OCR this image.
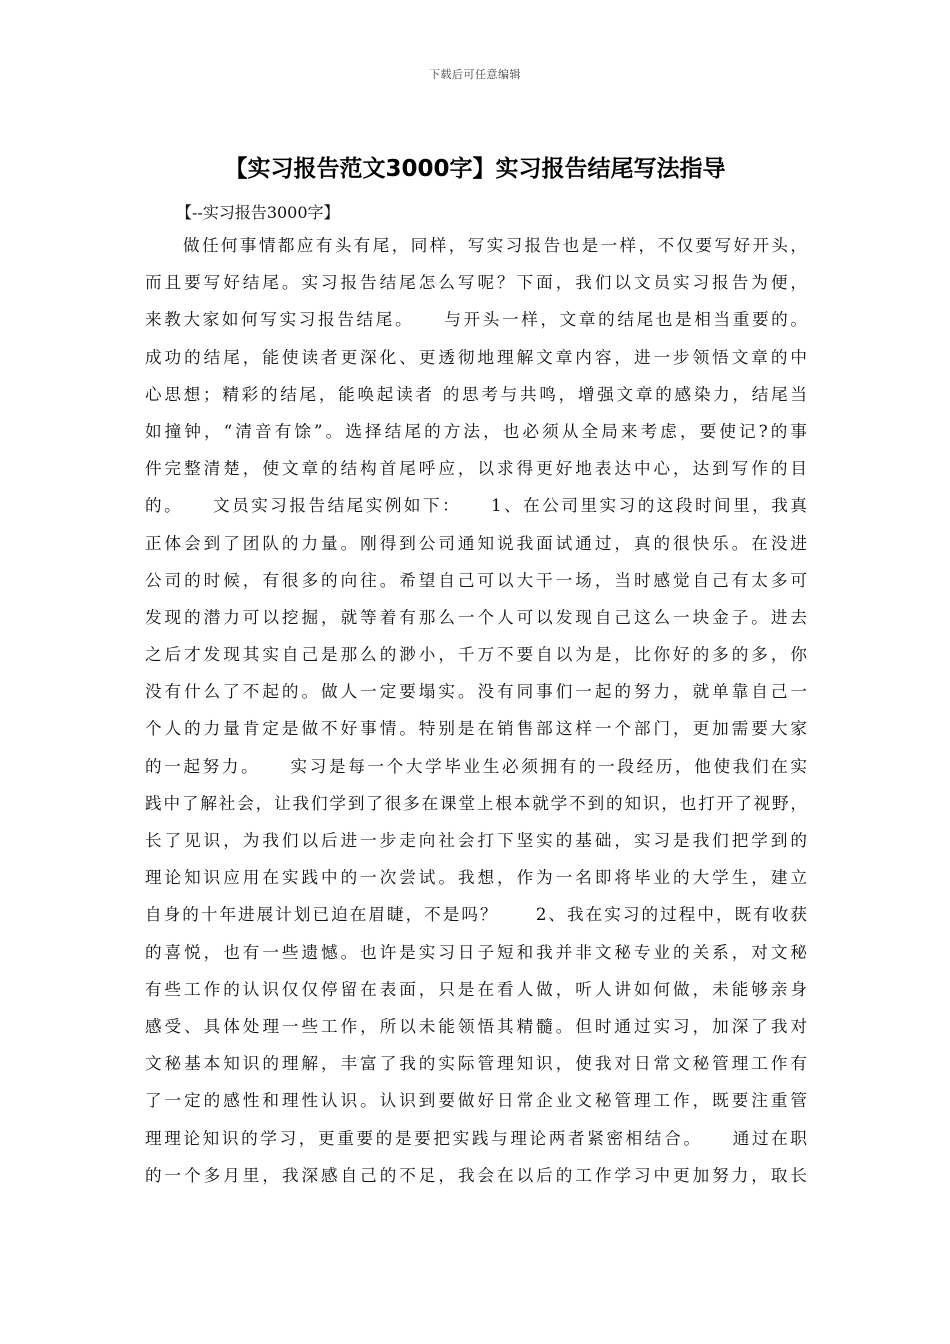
下载后可任意编辑
【实习报告范文3000字】实习报告结尾写法指导
【--实习报告3000字】
　　做任何事情都应有头有尾，同样，写实习报告也是一样，不仅要写好开头，
而且要写好结尾。实习报告结尾怎么写呢？下面，我们以文员实习报告为便，
来教大家如何写实习报告结尾。　　与开头一样，文章的结尾也是相当重要的。
成功的结尾，能使读者更深化、更透彻地理解文章内容，进一步领悟文章的中
心思想；精彩的结尾，能唤起读者 的思考与共鸣，增强文章的感染力，结尾当
如撞钟，“清音有馀”。选择结尾的方法，也必须从全局来考虑，要使记?的事
件完整清楚，使文章的结构首尾呼应，以求得更好地表达中心，达到写作的目
的。　　文员实习报告结尾实例如下：　　1、在公司里实习的这段时间里，我真
正体会到了团队的力量。刚得到公司通知说我面试通过，真的很快乐。在没进
公司的时候，有很多的向往。希望自己可以大干一场，当时感觉自己有太多可
发现的潜力可以挖掘，就等着有那么一个人可以发现自己这么一块金子。进去
之后才发现其实自己是那么的渺小，千万不要自以为是，比你好的多的多，你
没有什么了不起的。做人一定要塌实。没有同事们一起的努力，就单靠自己一
个人的力量肯定是做不好事情。特别是在销售部这样一个部门，更加需要大家
的一起努力。　　实习是每一个大学毕业生必须拥有的一段经历，他使我们在实
践中了解社会，让我们学到了很多在课堂上根本就学不到的知识，也打开了视野，
长了见识，为我们以后进一步走向社会打下坚实的基础，实习是我们把学到的
理论知识应用在实践中的一次尝试。我想，作为一名即将毕业的大学生，建立
自身的十年进展计划已迫在眉睫，不是吗？　　2、我在实习的过程中，既有收获
的喜悦，也有一些遗憾。也许是实习日子短和我并非文秘专业的关系，对文秘
有些工作的认识仅仅停留在表面，只是在看人做，听人讲如何做，未能够亲身
感受、具体处理一些工作，所以未能领悟其精髓。但时通过实习，加深了我对
文秘基本知识的理解，丰富了我的实际管理知识，使我对日常文秘管理工作有
了一定的感性和理性认识。认识到要做好日常企业文秘管理工作，既要注重管
理理论知识的学习，更重要的是要把实践与理论两者紧密相结合。　　通过在职
的一个多月里，我深感自己的不足，我会在以后的工作学习中更加努力，取长
